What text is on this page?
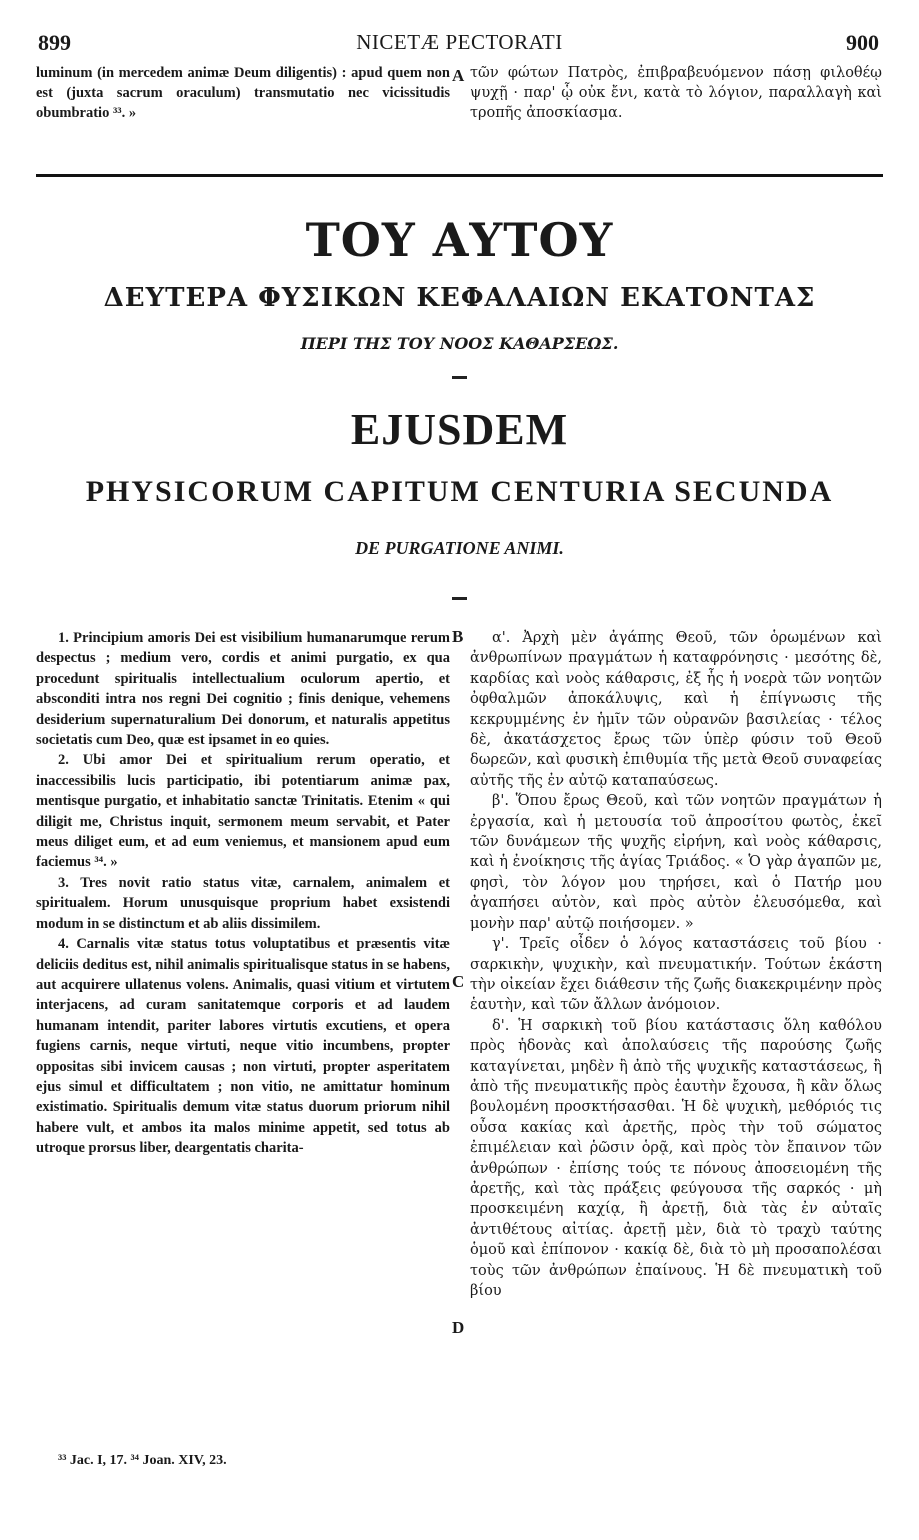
899	NICETÆ PECTORATI	900
luminum (in mercedem animæ Deum diligentis) : apud quem non est (juxta sacrum oraculum) transmutatio nec vicissitudis obumbratio ³³. »
A τῶν φώτων Πατρὸς, ἐπιβραβευόμενον πάσῃ φιλοθέῳ ψυχῇ · παρ' ᾧ οὐκ ἔνι, κατὰ τὸ λόγιον, παραλλαγὴ καὶ τροπῆς ἀποσκίασμα.
ΤΟΥ ΑΥΤΟΥ
ΔΕΥΤΕΡΑ ΦΥΣΙΚΩΝ ΚΕΦΑΛΑΙΩΝ ΕΚΑΤΟΝΤΑΣ
ΠΕΡΙ ΤΗΣ ΤΟΥ ΝΟΟΣ ΚΑΘΑΡΣΕΩΣ.
EJUSDEM
PHYSICORUM CAPITUM CENTURIA SECUNDA
DE PURGATIONE ANIMI.

1. Principium amoris Dei est visibilium humanarumque rerum despectus ; medium vero, cordis et animi purgatio, ex qua procedunt spiritualis intellectualium oculorum apertio, et absconditi intra nos regni Dei cognitio ; finis denique, vehemens desiderium supernaturalium Dei donorum, et naturalis appetitus societatis cum Deo, quæ est ipsamet in eo quies.

2. Ubi amor Dei et spiritualium rerum operatio, et inaccessibilis lucis participatio, ibi potentiarum animæ pax, mentisque purgatio, et inhabitatio sanctæ Trinitatis. Etenim « qui diligit me, Christus inquit, sermonem meum servabit, et Pater meus diliget eum, et ad eum veniemus, et mansionem apud eum faciemus ³⁴. »

3. Tres novit ratio status vitæ, carnalem, animalem et spiritualem. Horum unusquisque proprium habet exsistendi modum in se distinctum et ab aliis dissimilem.

4. Carnalis vitæ status totus voluptatibus et præsentis vitæ deliciis deditus est, nihil animalis spiritualisque status in se habens, aut acquirere ullatenus volens. Animalis, quasi vitium et virtutem interjacens, ad curam sanitatemque corporis et ad laudem humanam intendit, pariter labores virtutis excutiens, et opera fugiens carnis, neque virtuti, neque vitio incumbens, propter oppositas sibi invicem causas ; non virtuti, propter asperitatem ejus simul et difficultatem ; non vitio, ne amittatur hominum existimatio. Spiritualis demum vitæ status duorum priorum nihil habere vult, et ambos ita malos minime appetit, sed totus ab utroque prorsus liber, deargentatis charita-

B
C
D

α'. Ἀρχὴ μὲν ἀγάπης Θεοῦ, τῶν ὁρωμένων καὶ ἀνθρωπίνων πραγμάτων ἡ καταφρόνησις · μεσότης δὲ, καρδίας καὶ νοὸς κάθαρσις, ἐξ ἧς ἡ νοερὰ τῶν νοητῶν ὀφθαλμῶν ἀποκάλυψις, καὶ ἡ ἐπίγνωσις τῆς κεκρυμμένης ἐν ἡμῖν τῶν οὐρανῶν βασιλείας · τέλος δὲ, ἀκατάσχετος ἔρως τῶν ὑπὲρ φύσιν τοῦ Θεοῦ δωρεῶν, καὶ φυσικὴ ἐπιθυμία τῆς μετὰ Θεοῦ συναφείας αὐτῆς τῆς ἐν αὐτῷ καταπαύσεως.

β'. Ὅπου ἔρως Θεοῦ, καὶ τῶν νοητῶν πραγμάτων ἡ ἐργασία, καὶ ἡ μετουσία τοῦ ἀπροσίτου φωτὸς, ἐκεῖ τῶν δυνάμεων τῆς ψυχῆς εἰρήνη, καὶ νοὸς κάθαρσις, καὶ ἡ ἐνοίκησις τῆς ἁγίας Τριάδος. « Ὁ γὰρ ἀγαπῶν με, φησὶ, τὸν λόγον μου τηρήσει, καὶ ὁ Πατήρ μου ἀγαπήσει αὐτὸν, καὶ πρὸς αὐτὸν ἐλευσόμεθα, καὶ μονὴν παρ' αὐτῷ ποιήσομεν. »

γ'. Τρεῖς οἶδεν ὁ λόγος καταστάσεις τοῦ βίου · σαρκικὴν, ψυχικὴν, καὶ πνευματικήν. Τούτων ἑκάστη τὴν οἰκείαν ἔχει διάθεσιν τῆς ζωῆς διακεκριμένην πρὸς ἑαυτὴν, καὶ τῶν ἄλλων ἀνόμοιον.

δ'. Ἡ σαρκικὴ τοῦ βίου κατάστασις ὅλη καθόλου πρὸς ἡδονὰς καὶ ἀπολαύσεις τῆς παρούσης ζωῆς καταγίνεται, μηδὲν ἢ ἀπὸ τῆς ψυχικῆς καταστάσεως, ἢ ἀπὸ τῆς πνευματικῆς πρὸς ἑαυτὴν ἔχουσα, ἢ κἂν ὅλως βουλομένη προσκτήσασθαι. Ἡ δὲ ψυχικὴ, μεθόριός τις οὖσα κακίας καὶ ἀρετῆς, πρὸς τὴν τοῦ σώματος ἐπιμέλειαν καὶ ῥῶσιν ὁρᾷ, καὶ πρὸς τὸν ἔπαινον τῶν ἀνθρώπων · ἐπίσης τούς τε πόνους ἀποσειομένη τῆς ἀρετῆς, καὶ τὰς πράξεις φεύγουσα τῆς σαρκός · μὴ προσκειμένη καχίᾳ, ἢ ἀρετῇ, διὰ τὰς ἐν αὐταῖς ἀντιθέτους αἰτίας. ἀρετῇ μὲν, διὰ τὸ τραχὺ ταύτης ὁμοῦ καὶ ἐπίπονον · κακίᾳ δὲ, διὰ τὸ μὴ προσαπολέσαι τοὺς τῶν ἀνθρώπων ἐπαίνους. Ἡ δὲ πνευματικὴ τοῦ βίου

³³ Jac. I, 17. ³⁴ Joan. XIV, 23.
